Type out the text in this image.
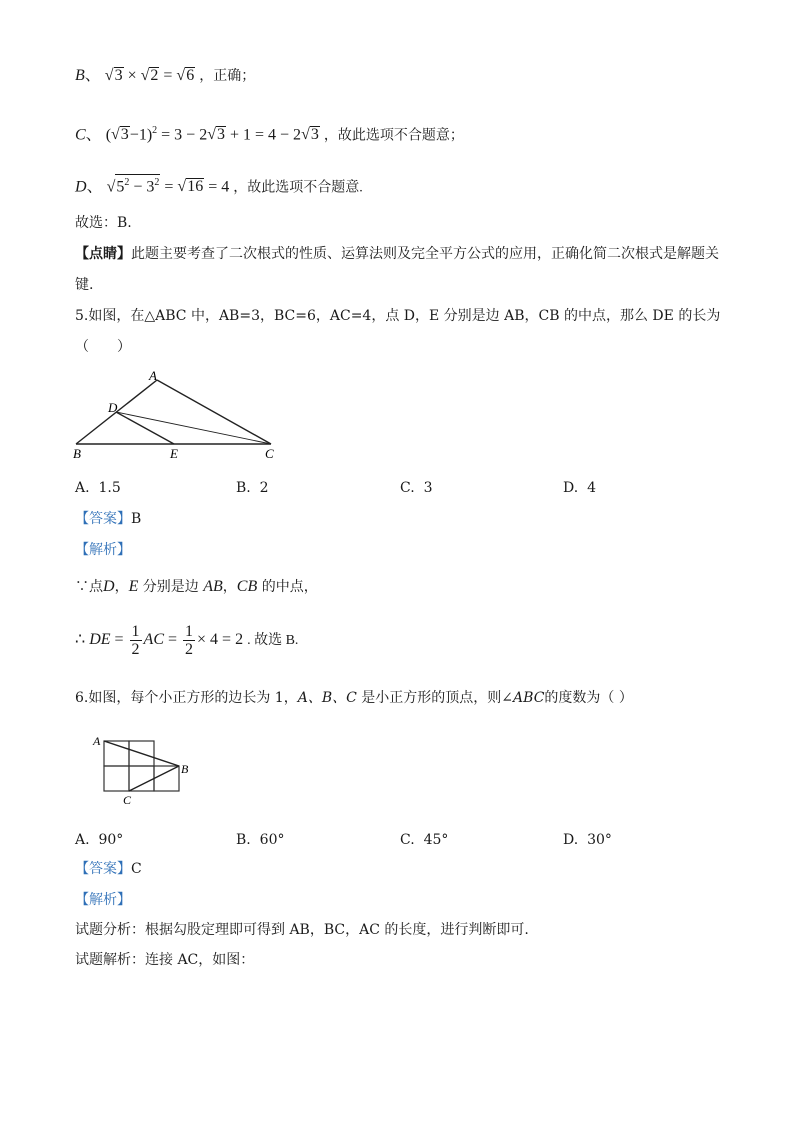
B、 √3 × √2 = √6 ，正确；
C、 $(√3-1)^2 = 3 - 2√3 + 1 = 4 - 2√3$ ，故此选项不合题意；
D、 $√5^2 - 3^2 = √16 = 4$ ，故此选项不合题意.
故选：B.
【点睛】此题主要考查了二次根式的性质、运算法则及完全平方公式的应用，正确化简二次根式是解题关
键.
5.如图，在△ABC 中，AB=3，BC=6，AC=4，点 D，E 分别是边 AB，CB 的中点，那么 DE 的长为
（　　）
A
D
B	E	C
A. 1.5	B. 2	C. 3	D. 4
【答案】B
【解析】
∵点D，E 分别是边 AB，CB 的中点，
∴ DE = $\frac{1}{2}$ AC = $\frac{1}{2} \times 4 = 2$ . 故选 B.
6.如图，每个小正方形的边长为 1，A、B、C 是小正方形的顶点，则∠ABC的度数为（ ）
A
B
C
A. 90°	B. 60°	C. 45°	D. 30°
【答案】C
【解析】
试题分析：根据勾股定理即可得到 AB，BC，AC 的长度，进行判断即可.
试题解析：连接 AC，如图：
